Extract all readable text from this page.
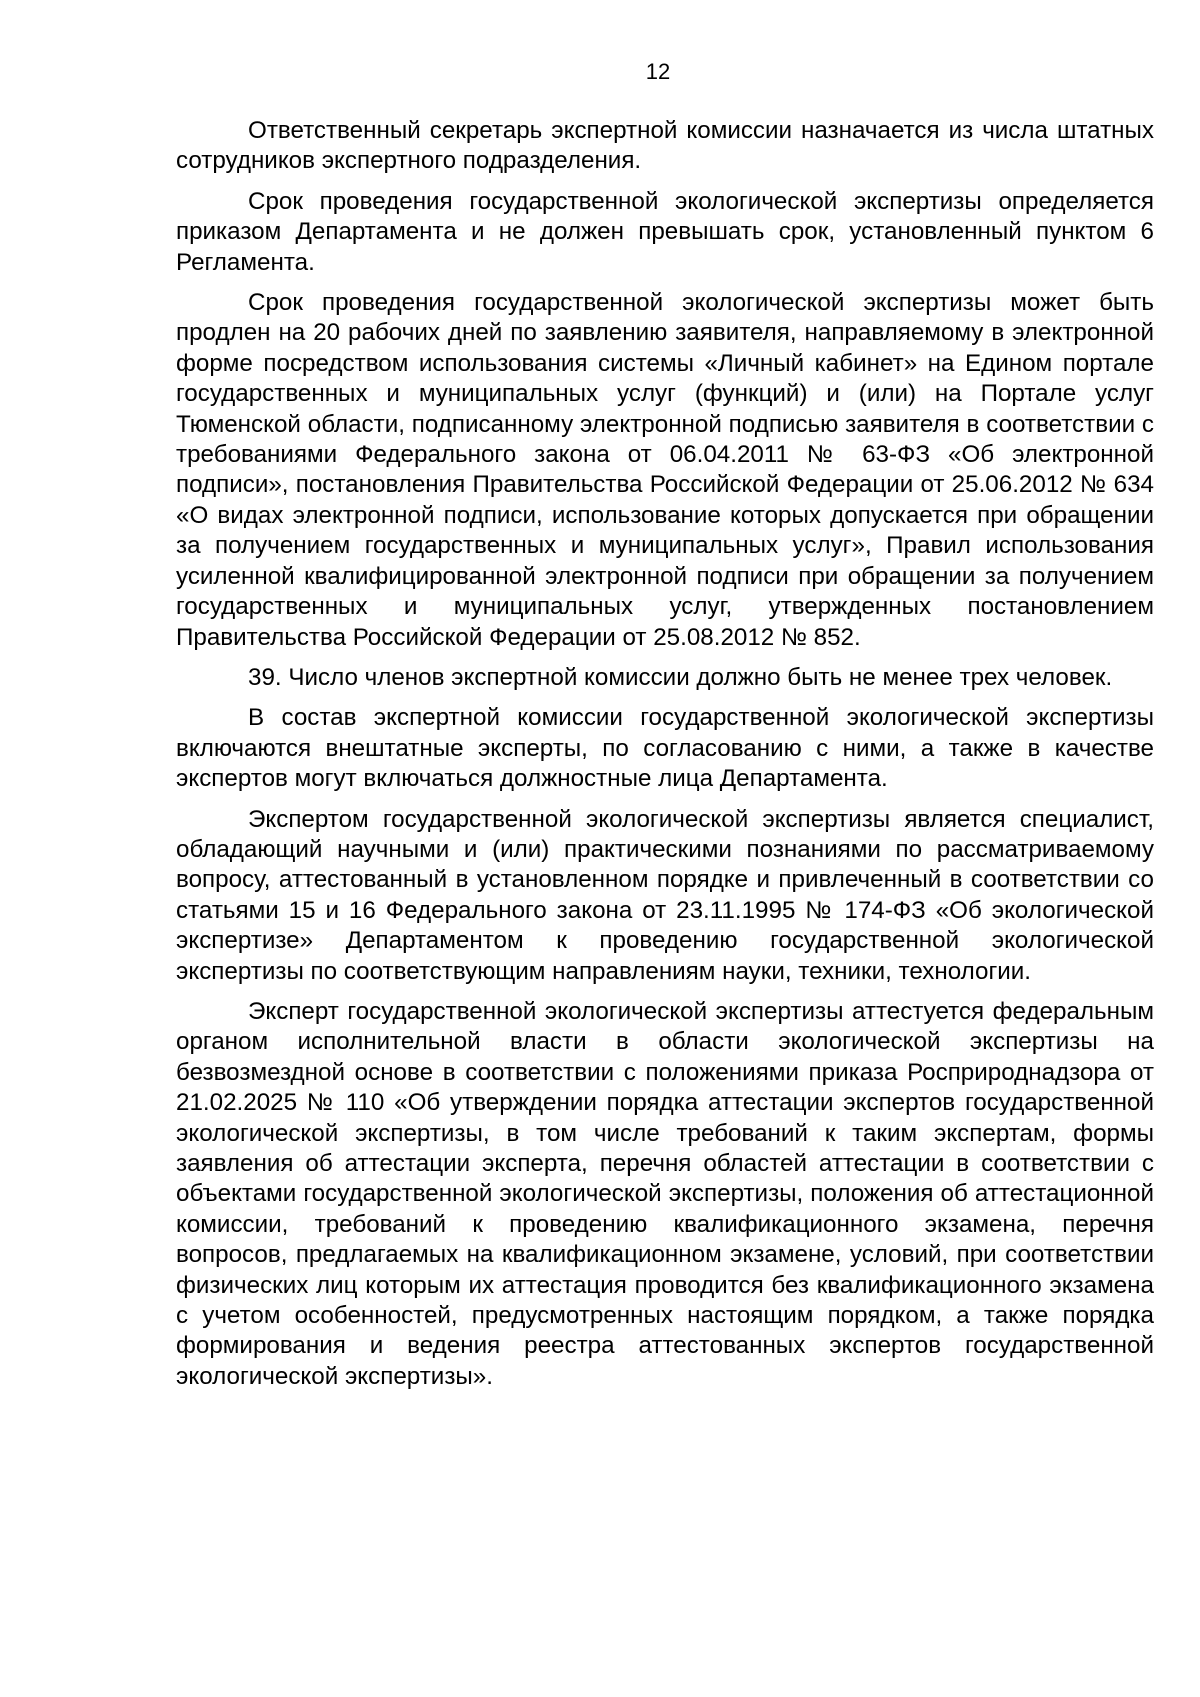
12

Ответственный секретарь экспертной комиссии назначается из числа штатных сотрудников экспертного подразделения.

Срок проведения государственной экологической экспертизы определяется приказом Департамента и не должен превышать срок, установленный пунктом 6 Регламента.

Срок проведения государственной экологической экспертизы может быть продлен на 20 рабочих дней по заявлению заявителя, направляемому в электронной форме посредством использования системы «Личный кабинет» на Едином портале государственных и муниципальных услуг (функций) и (или) на Портале услуг Тюменской области, подписанному электронной подписью заявителя в соответствии с требованиями Федерального закона от 06.04.2011 № 63-ФЗ «Об электронной подписи», постановления Правительства Российской Федерации от 25.06.2012 № 634 «О видах электронной подписи, использование которых допускается при обращении за получением государственных и муниципальных услуг», Правил использования усиленной квалифицированной электронной подписи при обращении за получением государственных и муниципальных услуг, утвержденных постановлением Правительства Российской Федерации от 25.08.2012 № 852.

39. Число членов экспертной комиссии должно быть не менее трех человек.

В состав экспертной комиссии государственной экологической экспертизы включаются внештатные эксперты, по согласованию с ними, а также в качестве экспертов могут включаться должностные лица Департамента.

Экспертом государственной экологической экспертизы является специалист, обладающий научными и (или) практическими познаниями по рассматриваемому вопросу, аттестованный в установленном порядке и привлеченный в соответствии со статьями 15 и 16 Федерального закона от 23.11.1995 № 174-ФЗ «Об экологической экспертизе» Департаментом к проведению государственной экологической экспертизы по соответствующим направлениям науки, техники, технологии.

Эксперт государственной экологической экспертизы аттестуется федеральным органом исполнительной власти в области экологической экспертизы на безвозмездной основе в соответствии с положениями приказа Росприроднадзора от 21.02.2025 № 110 «Об утверждении порядка аттестации экспертов государственной экологической экспертизы, в том числе требований к таким экспертам, формы заявления об аттестации эксперта, перечня областей аттестации в соответствии с объектами государственной экологической экспертизы, положения об аттестационной комиссии, требований к проведению квалификационного экзамена, перечня вопросов, предлагаемых на квалификационном экзамене, условий, при соответствии физических лиц которым их аттестация проводится без квалификационного экзамена с учетом особенностей, предусмотренных настоящим порядком, а также порядка формирования и ведения реестра аттестованных экспертов государственной экологической экспертизы».
